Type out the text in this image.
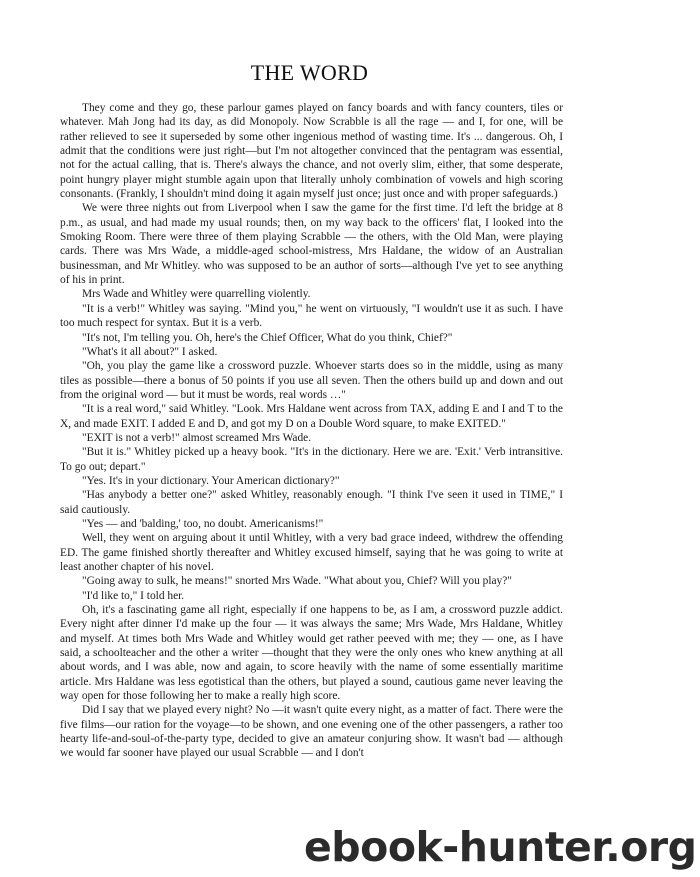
THE WORD

They come and they go, these parlour games played on fancy boards and with fancy counters, tiles or whatever. Mah Jong had its day, as did Monopoly. Now Scrabble is all the rage — and I, for one, will be rather relieved to see it superseded by some other ingenious method of wasting time. It's ... dangerous. Oh, I admit that the conditions were just right—but I'm not altogether convinced that the pentagram was essential, not for the actual calling, that is. There's always the chance, and not overly slim, either, that some desperate, point hungry player might stumble again upon that literally unholy combination of vowels and high scoring consonants. (Frankly, I shouldn't mind doing it again myself just once; just once and with proper safeguards.)

We were three nights out from Liverpool when I saw the game for the first time. I'd left the bridge at 8 p.m., as usual, and had made my usual rounds; then, on my way back to the officers' flat, I looked into the Smoking Room. There were three of them playing Scrabble — the others, with the Old Man, were playing cards. There was Mrs Wade, a middle-aged school-mistress, Mrs Haldane, the widow of an Australian businessman, and Mr Whitley. who was supposed to be an author of sorts—although I've yet to see anything of his in print.

Mrs Wade and Whitley were quarrelling violently.

"It is a verb!" Whitley was saying. "Mind you," he went on virtuously, "I wouldn't use it as such. I have too much respect for syntax. But it is a verb.

"It's not, I'm telling you. Oh, here's the Chief Officer, What do you think, Chief?"

"What's it all about?" I asked.

"Oh, you play the game like a crossword puzzle. Whoever starts does so in the middle, using as many tiles as possible—there a bonus of 50 points if you use all seven. Then the others build up and down and out from the original word — but it must be words, real words …"

"It is a real word," said Whitley. "Look. Mrs Haldane went across from TAX, adding E and I and T to the X, and made EXIT. I added E and D, and got my D on a Double Word square, to make EXITED."

"EXIT is not a verb!" almost screamed Mrs Wade.

"But it is." Whitley picked up a heavy book. "It's in the dictionary. Here we are. 'Exit.' Verb intransitive. To go out; depart."

"Yes. It's in your dictionary. Your American dictionary?"

"Has anybody a better one?" asked Whitley, reasonably enough. "I think I've seen it used in TIME," I said cautiously.

"Yes — and 'balding,' too, no doubt. Americanisms!"

Well, they went on arguing about it until Whitley, with a very bad grace indeed, withdrew the offending ED. The game finished shortly thereafter and Whitley excused himself, saying that he was going to write at least another chapter of his novel.

"Going away to sulk, he means!" snorted Mrs Wade. "What about you, Chief? Will you play?"

"I'd like to," I told her.

Oh, it's a fascinating game all right, especially if one happens to be, as I am, a crossword puzzle addict. Every night after dinner I'd make up the four — it was always the same; Mrs Wade, Mrs Haldane, Whitley and myself. At times both Mrs Wade and Whitley would get rather peeved with me; they — one, as I have said, a schoolteacher and the other a writer —thought that they were the only ones who knew anything at all about words, and I was able, now and again, to score heavily with the name of some essentially maritime article. Mrs Haldane was less egotistical than the others, but played a sound, cautious game never leaving the way open for those following her to make a really high score.

Did I say that we played every night? No —it wasn't quite every night, as a matter of fact. There were the five films—our ration for the voyage—to be shown, and one evening one of the other passengers, a rather too hearty life-and-soul-of-the-party type, decided to give an amateur conjuring show. It wasn't bad — although we would far sooner have played our usual Scrabble — and I don't

ebook-hunter.org
